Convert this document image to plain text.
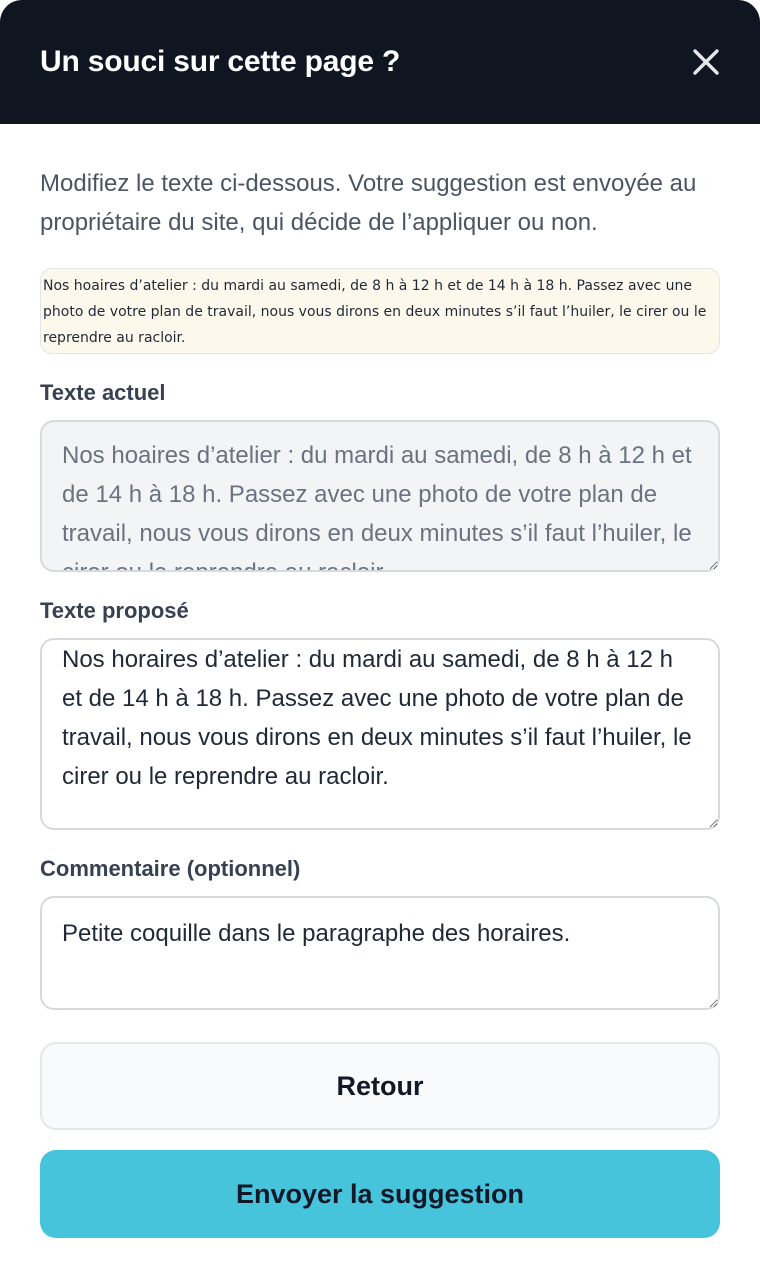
Un souci sur cette page ?

Modifiez le texte ci-dessous. Votre suggestion est envoyée au propriétaire du site, qui décide de l’appliquer ou non.

Nos hoaires d’atelier : du mardi au samedi, de 8 h à 12 h et de 14 h à 18 h. Passez avec une photo de votre plan de travail, nous vous dirons en deux minutes s’il faut l’huiler, le cirer ou le reprendre au racloir.
Texte actuel
Nos hoaires d’atelier : du mardi au samedi, de 8 h à 12 h et de 14 h à 18 h. Passez avec une photo de votre plan de travail, nous vous dirons en deux minutes s’il faut l’huiler, le cirer ou le reprendre au racloir.
Texte proposé
Nos horaires d’atelier : du mardi au samedi, de 8 h à 12 h et de 14 h à 18 h. Passez avec une photo de votre plan de travail, nous vous dirons en deux minutes s’il faut l’huiler, le cirer ou le reprendre au racloir.
Commentaire (optionnel)
Petite coquille dans le paragraphe des horaires.
Retour
Envoyer la suggestion
